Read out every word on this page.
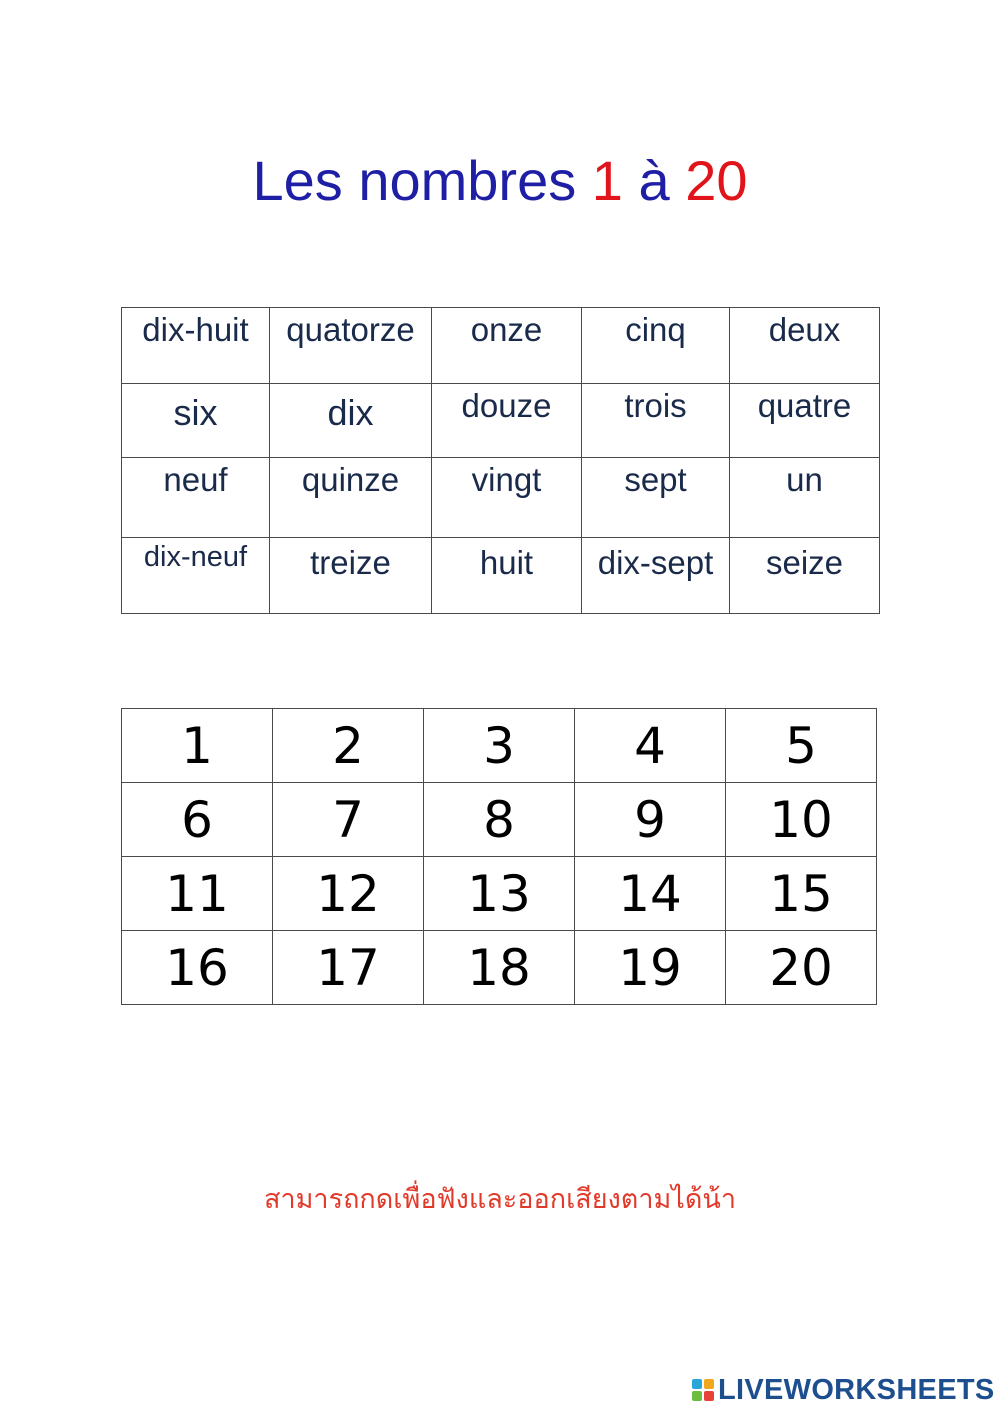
Les nombres 1 à 20
dix-huit	quatorze	onze	cinq	deux

six	dix	douze	trois	quatre

neuf	quinze	vingt	sept	un

dix-neuf	treize	huit	dix-sept	seize
1	2	3	4	5
6	7	8	9	10
11	12	13	14	15
16	17	18	19	20
สามารถกดเพื่อฟังและออกเสียงตามได้น้า
LIVEWORKSHEETS
